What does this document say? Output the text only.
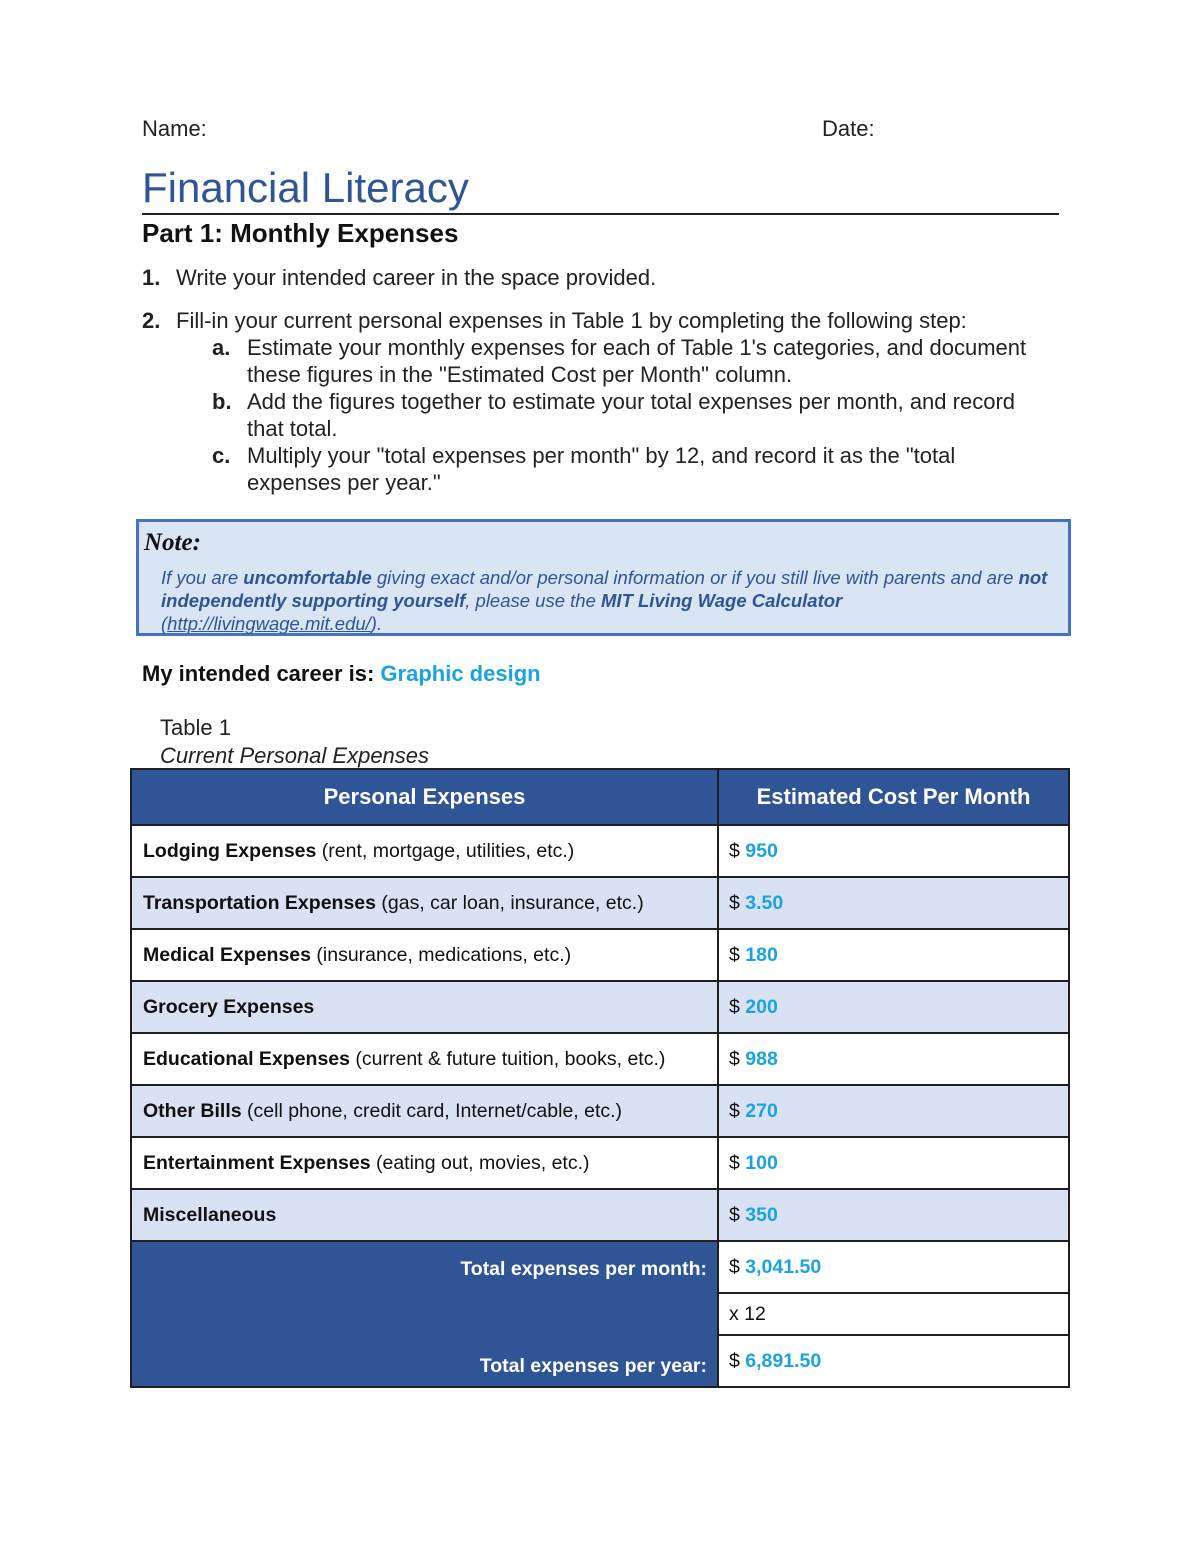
Name:	Date:
Financial Literacy
Part 1: Monthly Expenses
1. Write your intended career in the space provided.
2. Fill-in your current personal expenses in Table 1 by completing the following step:
a. Estimate your monthly expenses for each of Table 1's categories, and document these figures in the "Estimated Cost per Month" column.
b. Add the figures together to estimate your total expenses per month, and record that total.
c. Multiply your "total expenses per month" by 12, and record it as the "total expenses per year."
Note:
If you are uncomfortable giving exact and/or personal information or if you still live with parents and are not independently supporting yourself, please use the MIT Living Wage Calculator (http://livingwage.mit.edu/).
My intended career is: Graphic design
Table 1
Current Personal Expenses
Personal Expenses	Estimated Cost Per Month
Lodging Expenses (rent, mortgage, utilities, etc.)	$ 950
Transportation Expenses (gas, car loan, insurance, etc.)	$ 3.50
Medical Expenses (insurance, medications, etc.)	$ 180
Grocery Expenses	$ 200
Educational Expenses (current & future tuition, books, etc.)	$ 988
Other Bills (cell phone, credit card, Internet/cable, etc.)	$ 270
Entertainment Expenses (eating out, movies, etc.)	$ 100
Miscellaneous	$ 350
Total expenses per month:	$ 3,041.50
	x 12
Total expenses per year:	$ 6,891.50
